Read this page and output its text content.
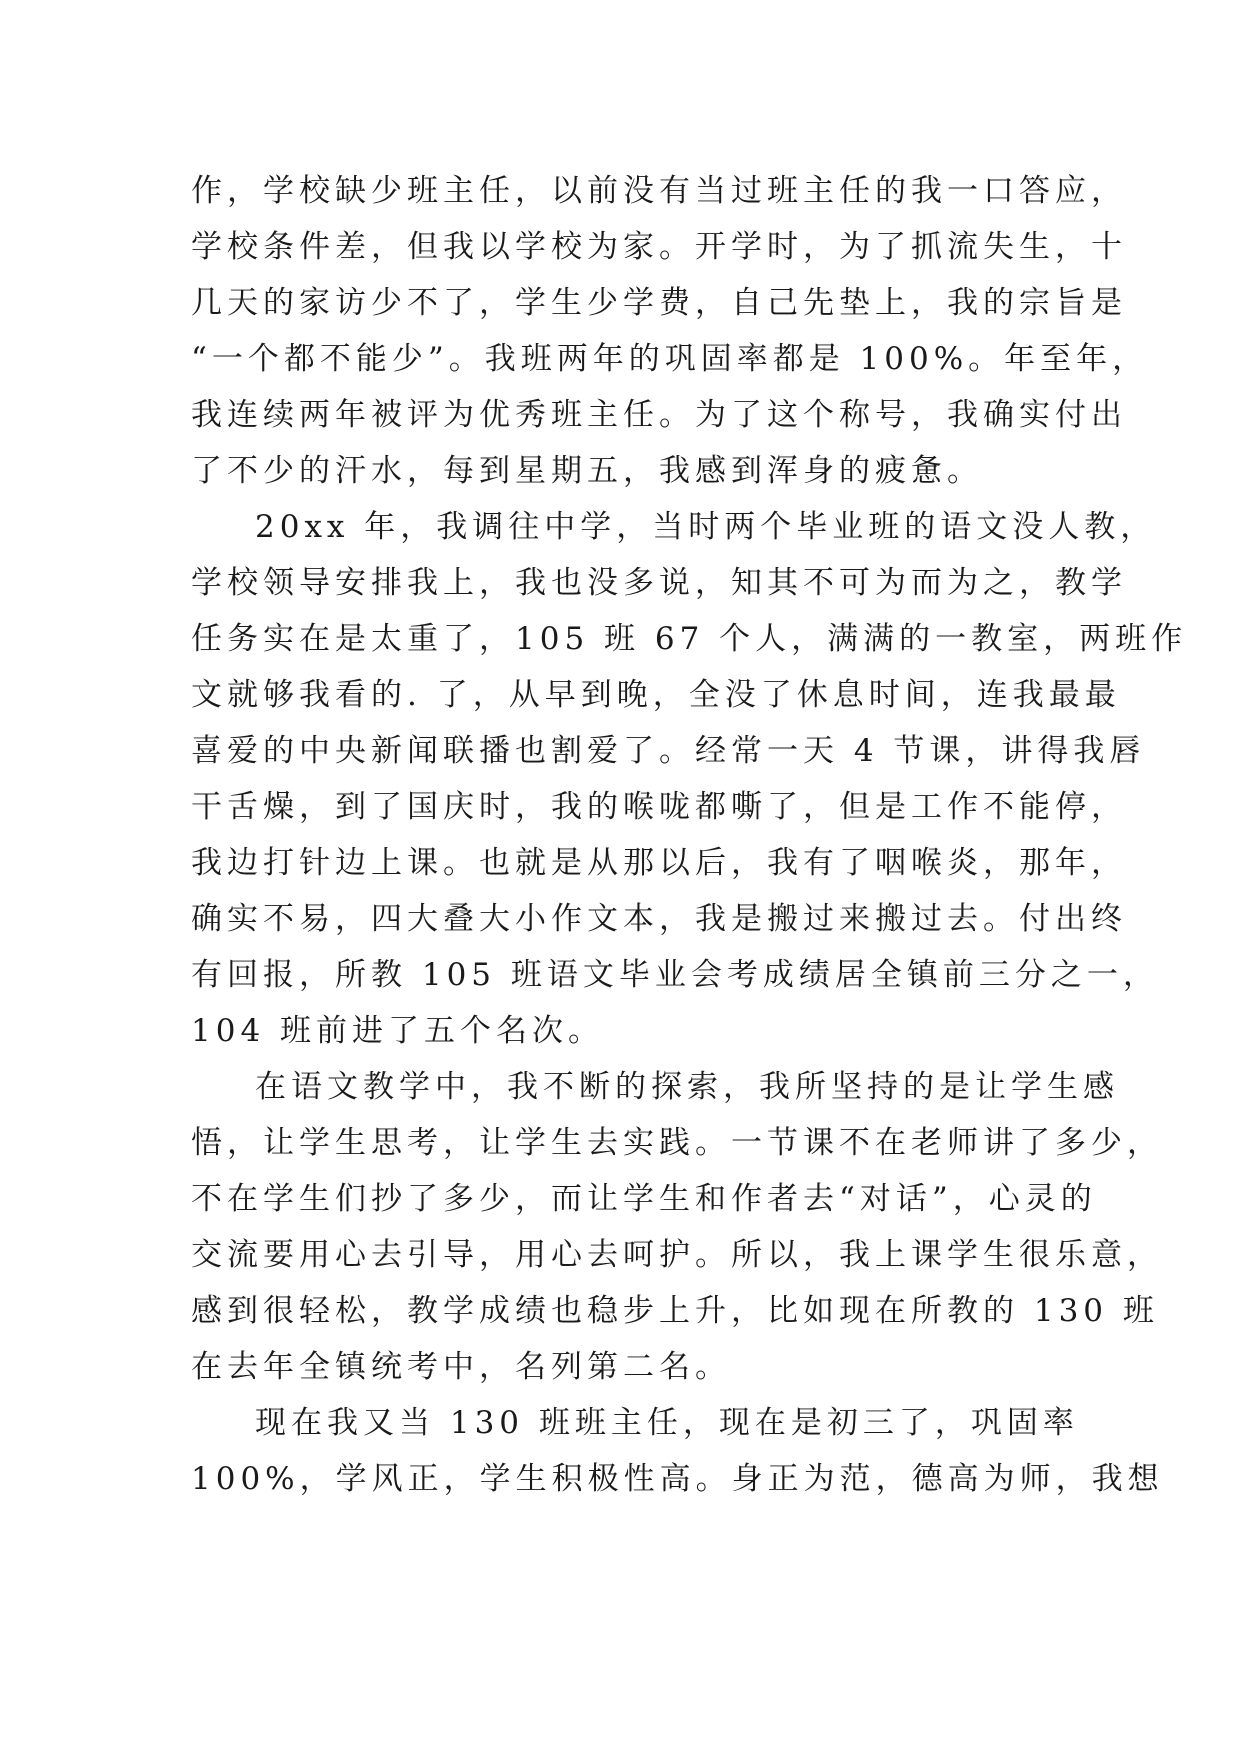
作，学校缺少班主任，以前没有当过班主任的我一口答应，
学校条件差，但我以学校为家。开学时，为了抓流失生，十
几天的家访少不了，学生少学费，自己先垫上，我的宗旨是
“一个都不能少”。我班两年的巩固率都是 100%。年至年，
我连续两年被评为优秀班主任。为了这个称号，我确实付出
了不少的汗水，每到星期五，我感到浑身的疲惫。
20xx 年，我调往中学，当时两个毕业班的语文没人教，
学校领导安排我上，我也没多说，知其不可为而为之，教学
任务实在是太重了，105 班 67 个人，满满的一教室，两班作
文就够我看的. 了，从早到晚，全没了休息时间，连我最最
喜爱的中央新闻联播也割爱了。经常一天 4 节课，讲得我唇
干舌燥，到了国庆时，我的喉咙都嘶了，但是工作不能停，
我边打针边上课。也就是从那以后，我有了咽喉炎，那年，
确实不易，四大叠大小作文本，我是搬过来搬过去。付出终
有回报，所教 105 班语文毕业会考成绩居全镇前三分之一，
104 班前进了五个名次。
在语文教学中，我不断的探索，我所坚持的是让学生感
悟，让学生思考，让学生去实践。一节课不在老师讲了多少，
不在学生们抄了多少，而让学生和作者去“对话”，心灵的
交流要用心去引导，用心去呵护。所以，我上课学生很乐意，
感到很轻松，教学成绩也稳步上升，比如现在所教的 130 班
在去年全镇统考中，名列第二名。
现在我又当 130 班班主任，现在是初三了，巩固率
100%，学风正，学生积极性高。身正为范，德高为师，我想
